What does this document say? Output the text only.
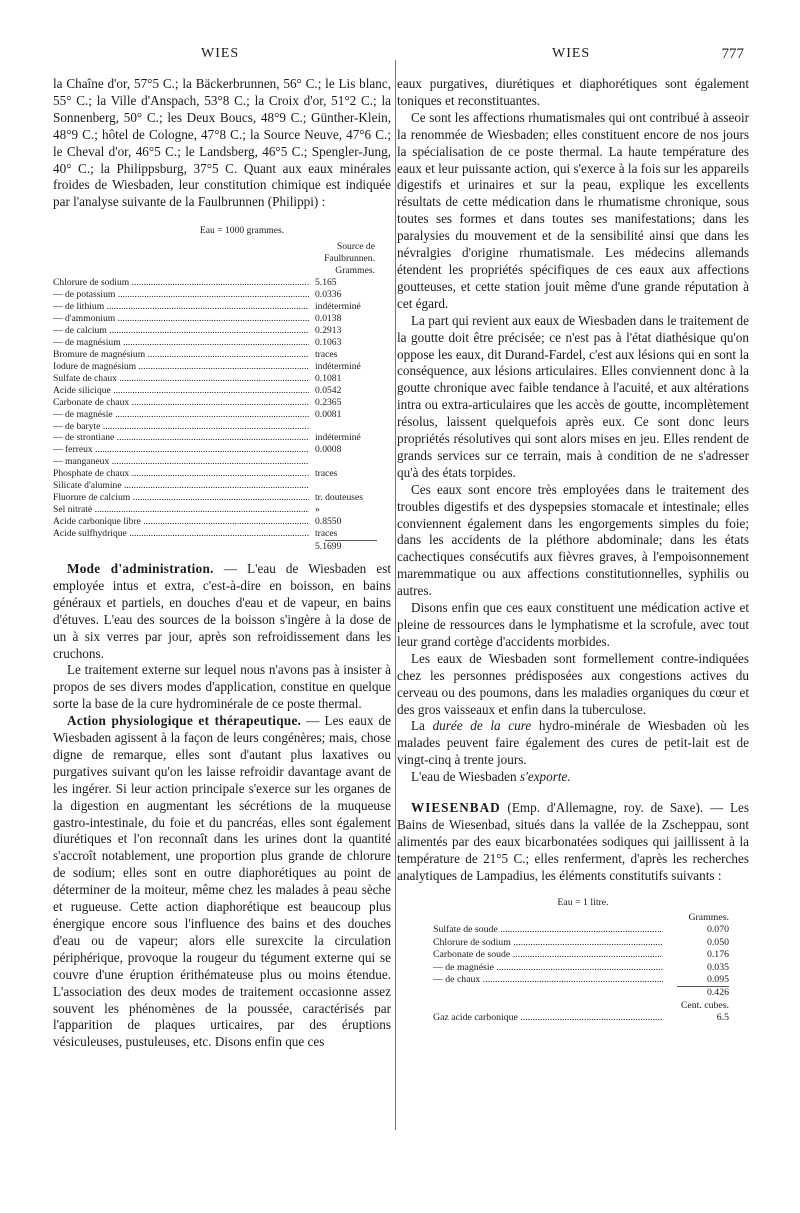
WIES	WIES	777

la Chaîne d'or, 57°5 C.; la Bäckerbrunnen, 56° C.; le Lis blanc, 55° C.; la Ville d'Anspach, 53°8 C.; la Croix d'or, 51°2 C.; la Sonnenberg, 50° C.; les Deux Boucs, 48°9 C.; Günther-Klein, 48°9 C.; hôtel de Cologne, 47°8 C.; la Source Neuve, 47°6 C.; le Cheval d'or, 46°5 C.; le Landsberg, 46°5 C.; Spengler-Jung, 40° C.; la Philippsburg, 37°5 C. Quant aux eaux minérales froides de Wiesbaden, leur constitution chimique est indiquée par l'analyse suivante de la Faulbrunnen (Philippi) :

Eau = 1000 grammes.
Source de
Faulbrunnen.
Grammes.
Chlorure de sodium .....	5.165
— de potassium .....	0.0336
— de lithium .....	indéterminé
— d'ammonium .....	0.0138
— de calcium .....	0.2913
— de magnésium .....	0.1063
Bromure de magnésium .....	traces
Iodure de magnésium .....	indéterminé
Sulfate de chaux .....	0.1081
Acide silicique .....	0.0542
Carbonate de chaux .....	0.2365
— de magnésie .....	0.0081
— de baryte .....
— de strontiane .....	indéterminé
— ferreux .....	0.0008
— manganeux .....
Phosphate de chaux .....	traces
Silicate d'alumine .....
Fluorure de calcium .....	tr. douteuses
Sel nitraté .....	»
Acide carbonique libre .....	0.8550
Acide sulfhydrique .....	traces
5.1699

Mode d'administration. — L'eau de Wiesbaden est employée intus et extra, c'est-à-dire en boisson, en bains généraux et partiels, en douches d'eau et de vapeur, en bains d'étuves. L'eau des sources de la boisson s'ingère à la dose de un à six verres par jour, après son refroidissement dans les cruchons.

Le traitement externe sur lequel nous n'avons pas à insister à propos de ses divers modes d'application, constitue en quelque sorte la base de la cure hydrominérale de ce poste thermal.

Action physiologique et thérapeutique. — Les eaux de Wiesbaden agissent à la façon de leurs congénères; mais, chose digne de remarque, elles sont d'autant plus laxatives ou purgatives suivant qu'on les laisse refroidir davantage avant de les ingérer. Si leur action principale s'exerce sur les organes de la digestion en augmentant les sécrétions de la muqueuse gastro-intestinale, du foie et du pancréas, elles sont également diurétiques et l'on reconnaît dans les urines dont la quantité s'accroît notablement, une proportion plus grande de chlorure de sodium; elles sont en outre diaphorétiques au point de déterminer de la moiteur, même chez les malades à peau sèche et rugueuse. Cette action diaphorétique est beaucoup plus énergique encore sous l'influence des bains et des douches d'eau ou de vapeur; alors elle surexcite la circulation périphérique, provoque la rougeur du tégument externe qui se couvre d'une éruption érithémateuse plus ou moins étendue. L'association des deux modes de traitement occasionne assez souvent les phénomènes de la poussée, caractérisés par l'apparition de plaques urticaires, par des éruptions vésiculeuses, pustuleuses, etc. Disons enfin que ces

eaux purgatives, diurétiques et diaphorétiques sont également toniques et reconstituantes.

Ce sont les affections rhumatismales qui ont contribué à asseoir la renommée de Wiesbaden; elles constituent encore de nos jours la spécialisation de ce poste thermal. La haute température des eaux et leur puissante action, qui s'exerce à la fois sur les appareils digestifs et urinaires et sur la peau, explique les excellents résultats de cette médication dans le rhumatisme chronique, sous toutes ses formes et dans toutes ses manifestations; dans les paralysies du mouvement et de la sensibilité ainsi que dans les névralgies d'origine rhumatismale. Les médecins allemands étendent les propriétés spécifiques de ces eaux aux affections goutteuses, et cette station jouit même d'une grande réputation à cet égard.

La part qui revient aux eaux de Wiesbaden dans le traitement de la goutte doit être précisée; ce n'est pas à l'état diathésique qu'on oppose les eaux, dit Durand-Fardel, c'est aux lésions qui en sont la conséquence, aux lésions articulaires. Elles conviennent donc à la goutte chronique avec faible tendance à l'acuité, et aux altérations intra ou extra-articulaires que les accès de goutte, incomplètement résolus, laissent quelquefois après eux. Ce sont donc leurs propriétés résolutives qui sont alors mises en jeu. Elles rendent de grands services sur ce terrain, mais à condition de ne s'adresser qu'à des états torpides.

Ces eaux sont encore très employées dans le traitement des troubles digestifs et des dyspepsies stomacale et intestinale; elles conviennent également dans les engorgements simples du foie; dans les accidents de la pléthore abdominale; dans les états cachectiques consécutifs aux fièvres graves, à l'empoisonnement maremmatique ou aux affections constitutionnelles, syphilis ou autres.

Disons enfin que ces eaux constituent une médication active et pleine de ressources dans le lymphatisme et la scrofule, avec tout leur grand cortège d'accidents morbides.

Les eaux de Wiesbaden sont formellement contre-indiquées chez les personnes prédisposées aux congestions actives du cerveau ou des poumons, dans les maladies organiques du cœur et des gros vaisseaux et enfin dans la tuberculose.

La durée de la cure hydro-minérale de Wiesbaden où les malades peuvent faire également des cures de petit-lait est de vingt-cinq à trente jours.

L'eau de Wiesbaden s'exporte.

WIESENBAD (Emp. d'Allemagne, roy. de Saxe). — Les Bains de Wiesenbad, situés dans la vallée de la Zscheppau, sont alimentés par des eaux bicarbonatées sodiques qui jaillissent à la température de 21°5 C.; elles renferment, d'après les recherches analytiques de Lampadius, les éléments constitutifs suivants :

Eau = 1 litre.
Grammes.
Sulfate de soude .....	0.070
Chlorure de sodium .....	0.050
Carbonate de soude .....	0.176
— de magnésie .....	0.035
— de chaux .....	0.095
0.426
Cent. cubes.
Gaz acide carbonique .....	6.5
